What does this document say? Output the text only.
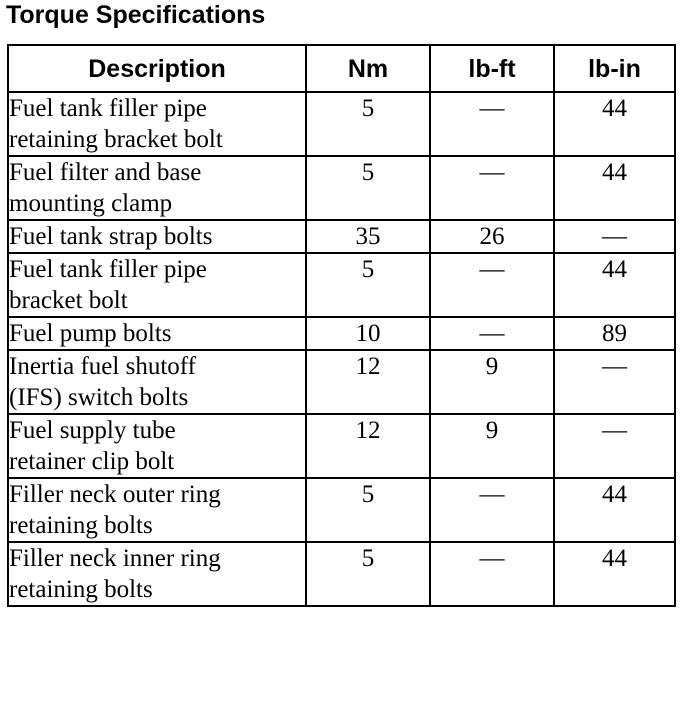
Torque Specifications
Description	Nm	lb-ft	lb-in
Fuel tank filler pipe
retaining bracket bolt	5	—	44
Fuel filter and base
mounting clamp	5	—	44
Fuel tank strap bolts	35	26	—
Fuel tank filler pipe
bracket bolt	5	—	44
Fuel pump bolts	10	—	89
Inertia fuel shutoff
(IFS) switch bolts	12	9	—
Fuel supply tube
retainer clip bolt	12	9	—
Filler neck outer ring
retaining bolts	5	—	44
Filler neck inner ring
retaining bolts	5	—	44
